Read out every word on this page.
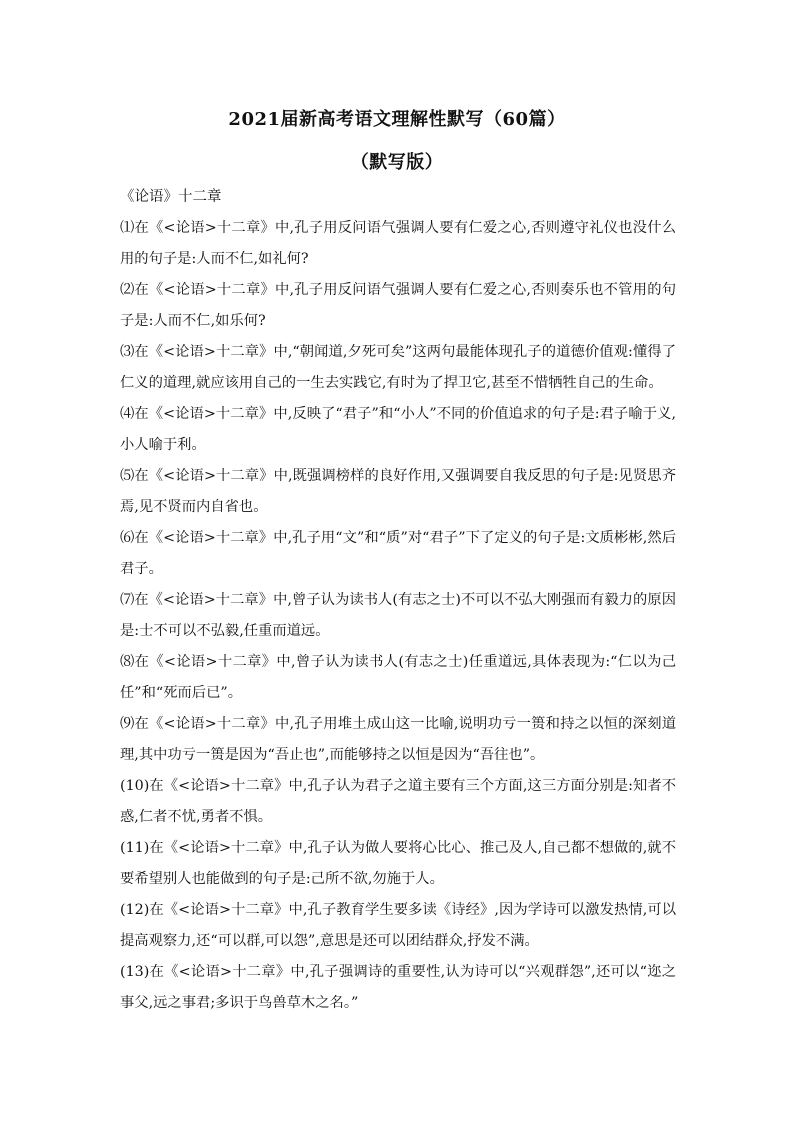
2021届新高考语文理解性默写（60篇）
（默写版）
《论语》十二章

⑴在《<论语>十二章》中,孔子用反问语气强调人要有仁爱之心,否则遵守礼仪也没什么用的句子是:人而不仁,如礼何?

⑵在《<论语>十二章》中,孔子用反问语气强调人要有仁爱之心,否则奏乐也不管用的句子是:人而不仁,如乐何?

⑶在《<论语>十二章》中,“朝闻道,夕死可矣”这两句最能体现孔子的道德价值观:懂得了仁义的道理,就应该用自己的一生去实践它,有时为了捍卫它,甚至不惜牺牲自己的生命。

⑷在《<论语>十二章》中,反映了“君子”和“小人”不同的价值追求的句子是:君子喻于义,小人喻于利。

⑸在《<论语>十二章》中,既强调榜样的良好作用,又强调要自我反思的句子是:见贤思齐焉,见不贤而内自省也。

⑹在《<论语>十二章》中,孔子用“文”和“质”对“君子”下了定义的句子是:文质彬彬,然后君子。

⑺在《<论语>十二章》中,曾子认为读书人(有志之士)不可以不弘大刚强而有毅力的原因是:士不可以不弘毅,任重而道远。

⑻在《<论语>十二章》中,曾子认为读书人(有志之士)任重道远,具体表现为:“仁以为己任”和“死而后已”。

⑼在《<论语>十二章》中,孔子用堆土成山这一比喻,说明功亏一篑和持之以恒的深刻道理,其中功亏一篑是因为“吾止也”,而能够持之以恒是因为“吾往也”。

(10)在《<论语>十二章》中,孔子认为君子之道主要有三个方面,这三方面分别是:知者不惑,仁者不忧,勇者不惧。

(11)在《<论语>十二章》中,孔子认为做人要将心比心、推己及人,自己都不想做的,就不要希望别人也能做到的句子是:己所不欲,勿施于人。

(12)在《<论语>十二章》中,孔子教育学生要多读《诗经》,因为学诗可以激发热情,可以提高观察力,还“可以群,可以怨”,意思是还可以团结群众,抒发不满。

(13)在《<论语>十二章》中,孔子强调诗的重要性,认为诗可以“兴观群怨”,还可以“迩之事父,远之事君;多识于鸟兽草木之名。”
